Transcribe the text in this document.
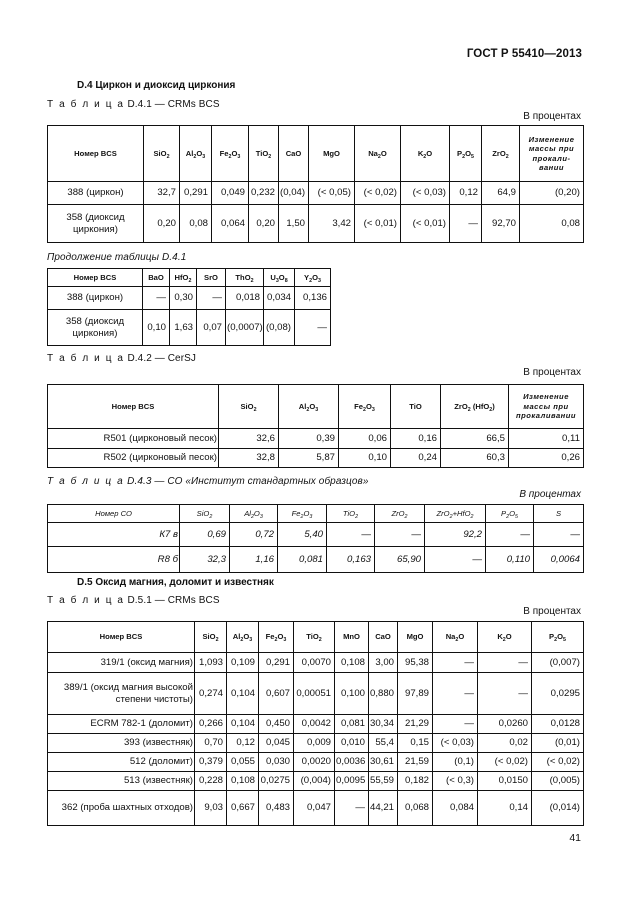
ГОСТ Р 55410—2013
D.4 Циркон и диоксид циркония
Т а б л и ц а D.4.1 — CRMs BCS
В процентах
Номер BCS	SiO$_2$	$Al_2O_3$	$Fe_2O_3$	TiO$_2$	CaO	MgO	$Na_2O$	$K_2O$	$P_2O_5$	ZrO$_2$	Изменение массы при прокали-вании
388 (циркон)	32,7	0,291	0,049	0,232	(0,04)	(< 0,05)	(< 0,02)	(< 0,03)	0,12	64,9	(0,20)
358 (диоксид циркония)	0,20	0,08	0,064	0,20	1,50	3,42	(< 0,01)	(< 0,01)	—	92,70	0,08
Продолжение таблицы D.4.1
Номер BCS	BaO	HfO$_2$	SrO	ThO$_2$	$U_3O_8$	$Y_2O_3$
388 (циркон)	—	0,30	—	0,018	0,034	0,136
358 (диоксид циркония)	0,10	1,63	0,07	(0,0007)	(0,08)	—
Т а б л и ц а D.4.2 — CerSJ
В процентах
Номер BCS	SiO$_2$	$Al_2O_3$	$Fe_2O_3$	TiO	ZrO$_2$ (HfO$_2$)	Изменение массы при прокаливании
R501 (цирконовый песок)	32,6	0,39	0,06	0,16	66,5	0,11
R502 (цирконовый песок)	32,8	5,87	0,10	0,24	60,3	0,26
Т а б л и ц а D.4.3 — СО «Институт стандартных образцов»
В процентах
Номер СО	SiO$_2$	$Al_2O_3$	$Fe_2O_3$	TiO$_2$	ZrO$_2$	ZrO$_2$+HfO$_2$	$P_2O_5$	S
К7 в	0,69	0,72	5,40	—	—	92,2	—	—
R8 б	32,3	1,16	0,081	0,163	65,90	—	0,110	0,0064
D.5 Оксид магния, доломит и известняк
Т а б л и ц а D.5.1 — CRMs BCS
В процентах
Номер BCS	SiO$_2$	$Al_2O_3$	$Fe_2O_3$	TiO$_2$	MnO	CaO	MgO	$Na_2O$	$K_2O$	$P_2O_5$
319/1 (оксид магния)	1,093	0,109	0,291	0,0070	0,108	3,00	95,38	—	—	(0,007)
389/1 (оксид магния высокой степени чистоты)	0,274	0,104	0,607	0,00051	0,100	0,880	97,89	—	—	0,0295
ECRM 782-1 (доломит)	0,266	0,104	0,450	0,0042	0,081	30,34	21,29	—	0,0260	0,0128
393 (известняк)	0,70	0,12	0,045	0,009	0,010	55,4	0,15	(< 0,03)	0,02	(0,01)
512 (доломит)	0,379	0,055	0,030	0,0020	0,0036	30,61	21,59	(0,1)	(< 0,02)	(< 0,02)
513 (известняк)	0,228	0,108	0,0275	(0,004)	0,0095	55,59	0,182	(< 0,3)	0,0150	(0,005)
362 (проба шахтных отходов)	9,03	0,667	0,483	0,047	—	44,21	0,068	0,084	0,14	(0,014)
41
